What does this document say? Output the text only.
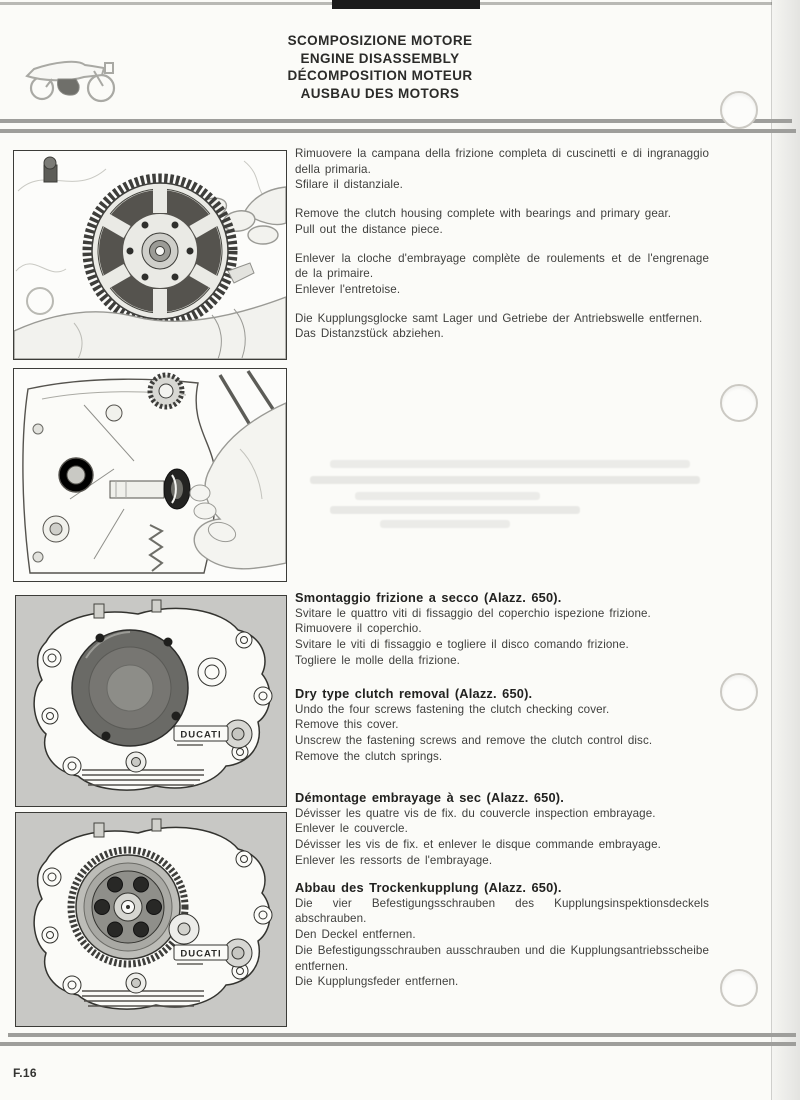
SCOMPOSIZIONE MOTORE
ENGINE DISASSEMBLY
DÉCOMPOSITION MOTEUR
AUSBAU DES MOTORS

Rimuovere la campana della frizione completa di cuscinetti e di ingranaggio della primaria.

Sfilare il distanziale.

Remove the clutch housing complete with bearings and primary gear.

Pull out the distance piece.

Enlever la cloche d'embrayage complète de roulements et de l'engrenage de la primaire.

Enlever l'entretoise.

Die Kupplungsglocke samt Lager und Getriebe der Antriebswelle entfernen.

Das Distanzstück abziehen.

DUCATI

Smontaggio frizione a secco (Alazz. 650).

Svitare le quattro viti di fissaggio del coperchio ispezione frizione.

Rimuovere il coperchio.

Svitare le viti di fissaggio e togliere il disco comando frizione.

Togliere le molle della frizione.

Dry type clutch removal (Alazz. 650).

Undo the four screws fastening the clutch checking cover.

Remove this cover.

Unscrew the fastening screws and remove the clutch control disc.

Remove the clutch springs.

Démontage embrayage à sec (Alazz. 650).

Dévisser les quatre vis de fix. du couvercle inspection embrayage.

Enlever le couvercle.

Dévisser les vis de fix. et enlever le disque commande embrayage.

Enlever les ressorts de l'embrayage.

Abbau des Trockenkupplung (Alazz. 650).

Die vier Befestigungsschrauben des Kupplungsinspektionsdeckels abschrauben.

Den Deckel entfernen.

Die Befestigungsschrauben ausschrauben und die Kupplungsantriebsscheibe entfernen.

Die Kupplungsfeder entfernen.

DUCATI
F.16
